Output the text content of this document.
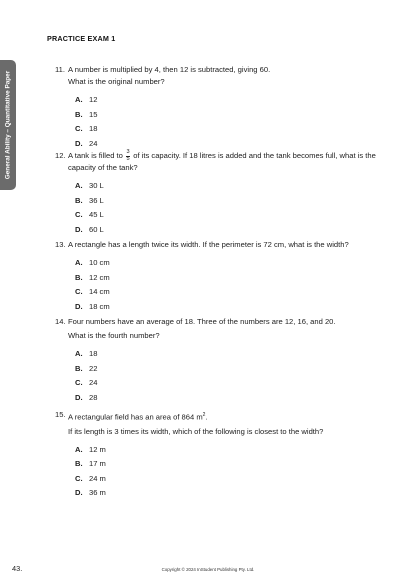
PRACTICE EXAM 1
General Ability – Quantitative Paper
11. A number is multiplied by 4, then 12 is subtracted, giving 60.
What is the original number?
A. 12
B. 15
C. 18
D. 24
12. A tank is filled to $\frac{3}{5}$ of its capacity. If 18 litres is added and the tank becomes full, what is the capacity of the tank?
A. 30 L
B. 36 L
C. 45 L
D. 60 L
13. A rectangle has a length twice its width. If the perimeter is 72 cm, what is the width?
A. 10 cm
B. 12 cm
C. 14 cm
D. 18 cm
14. Four numbers have an average of 18. Three of the numbers are 12, 16, and 20.
What is the fourth number?
A. 18
B. 22
C. 24
D. 28
15. A rectangular field has an area of 864 $m^2$.
If its length is 3 times its width, which of the following is closest to the width?
A. 12 m
B. 17 m
C. 24 m
D. 36 m
43.	Copyright © 2024 InStudent Publishing Pty. Ltd.
